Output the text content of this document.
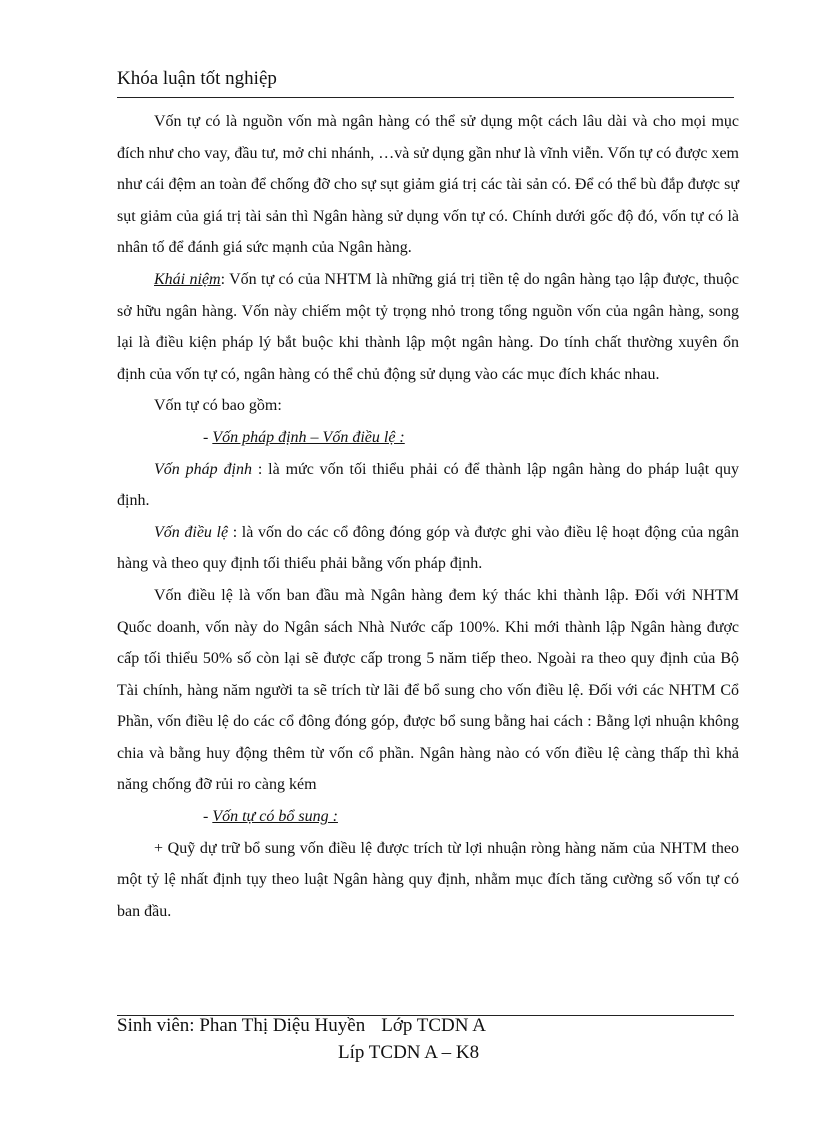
Khóa luận tốt nghiệp

Vốn tự có là nguồn vốn mà ngân hàng có thể sử dụng một cách lâu dài và cho mọi mục đích như cho vay, đầu tư, mở chi nhánh, …và sử dụng gần như là vĩnh viễn. Vốn tự có được xem như cái đệm an toàn để chống đỡ cho sự sụt giảm giá trị các tài sản có. Để có thể bù đắp được sự sụt giảm của giá trị tài sản thì Ngân hàng sử dụng vốn tự có. Chính dưới gốc độ đó, vốn tự có là nhân tố để đánh giá sức mạnh của Ngân hàng.

Khái niệm: Vốn tự có của NHTM là những giá trị tiền tệ do ngân hàng tạo lập được, thuộc sở hữu ngân hàng. Vốn này chiếm một tỷ trọng nhỏ trong tổng nguồn vốn của ngân hàng, song lại là điều kiện pháp lý bắt buộc khi thành lập một ngân hàng. Do tính chất thường xuyên ổn định của vốn tự có, ngân hàng có thể chủ động sử dụng vào các mục đích khác nhau.

Vốn tự có bao gồm:

- Vốn pháp định – Vốn điều lệ :

Vốn pháp định : là mức vốn tối thiểu phải có để thành lập ngân hàng do pháp luật quy định.

Vốn điều lệ : là vốn do các cổ đông đóng góp và được ghi vào điều lệ hoạt động của ngân hàng và theo quy định tối thiểu phải bằng vốn pháp định.

Vốn điều lệ là vốn ban đầu mà Ngân hàng đem ký thác khi thành lập. Đối với NHTM Quốc doanh, vốn này do Ngân sách Nhà Nước cấp 100%. Khi mới thành lập Ngân hàng được cấp tối thiểu 50% số còn lại sẽ được cấp trong 5 năm tiếp theo. Ngoài ra theo quy định của Bộ Tài chính, hàng năm người ta sẽ trích từ lãi để bổ sung cho vốn điều lệ. Đối với các NHTM Cổ Phần, vốn điều lệ do các cổ đông đóng góp, được bổ sung bằng hai cách : Bằng lợi nhuận không chia và bằng huy động thêm từ vốn cổ phần. Ngân hàng nào có vốn điều lệ càng thấp thì khả năng chống đỡ rủi ro càng kém

- Vốn tự có bổ sung :

+ Quỹ dự trữ bổ sung vốn điều lệ được trích từ lợi nhuận ròng hàng năm của NHTM theo một tỷ lệ nhất định tụy theo luật Ngân hàng quy định, nhằm mục đích tăng cường số vốn tự có ban đầu.

Sinh viên: Phan Thị Diệu Huyền Lớp TCDN A
Líp TCDN A – K8
